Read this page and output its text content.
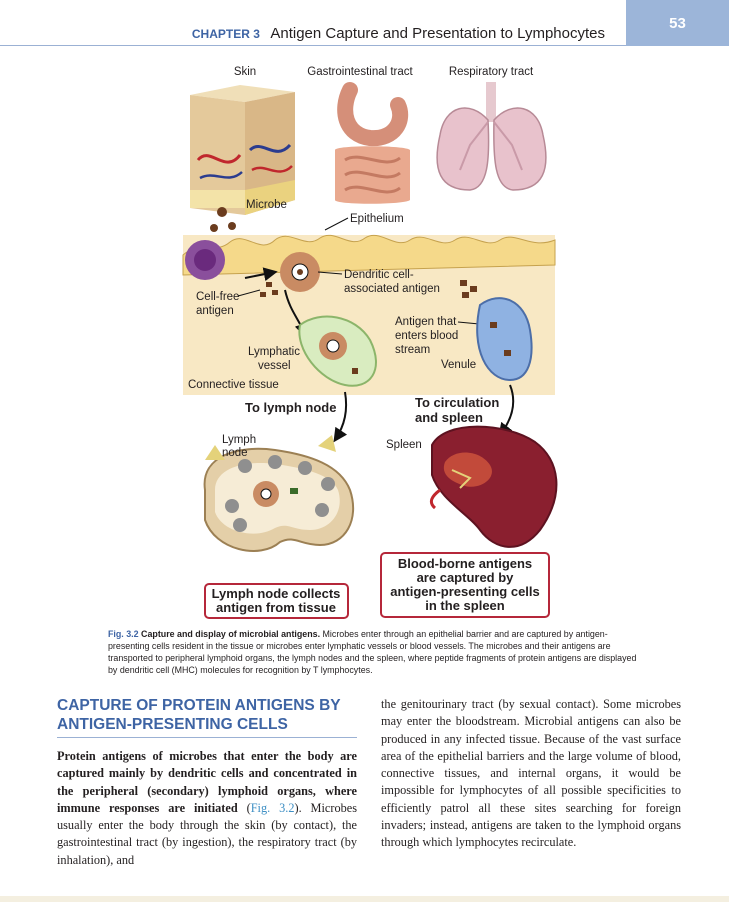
CHAPTER 3 Antigen Capture and Presentation to Lymphocytes
53
Skin	Gastrointestinal tract	Respiratory tract
Microbe
Epithelium
Dendritic cell-
associated antigen
Cell-free
antigen
Lymphatic
vessel
Antigen that
enters blood
stream
Venule
Connective tissue
To lymph node	To circulation
and spleen
Lymph
node
Spleen
Lymph node collects
antigen from tissue
Blood-borne antigens
are captured by
antigen-presenting cells
in the spleen
Fig. 3.2 Capture and display of microbial antigens. Microbes enter through an epithelial barrier and are captured by antigen-presenting cells resident in the tissue or microbes enter lymphatic vessels or blood vessels. The microbes and their antigens are transported to peripheral lymphoid organs, the lymph nodes and the spleen, where peptide fragments of protein antigens are displayed by dendritic cell (MHC) molecules for recognition by T lymphocytes.
CAPTURE OF PROTEIN ANTIGENS BY ANTIGEN-PRESENTING CELLS

Protein antigens of microbes that enter the body are captured mainly by dendritic cells and concentrated in the peripheral (secondary) lymphoid organs, where immune responses are initiated (Fig. 3.2). Microbes usually enter the body through the skin (by contact), the gastrointestinal tract (by ingestion), the respiratory tract (by inhalation), and

the genitourinary tract (by sexual contact). Some microbes may enter the bloodstream. Microbial antigens can also be produced in any infected tissue. Because of the vast surface area of the epithelial barriers and the large volume of blood, connective tissues, and internal organs, it would be impossible for lymphocytes of all possible specificities to efficiently patrol all these sites searching for foreign invaders; instead, antigens are taken to the lymphoid organs through which lymphocytes recirculate.
